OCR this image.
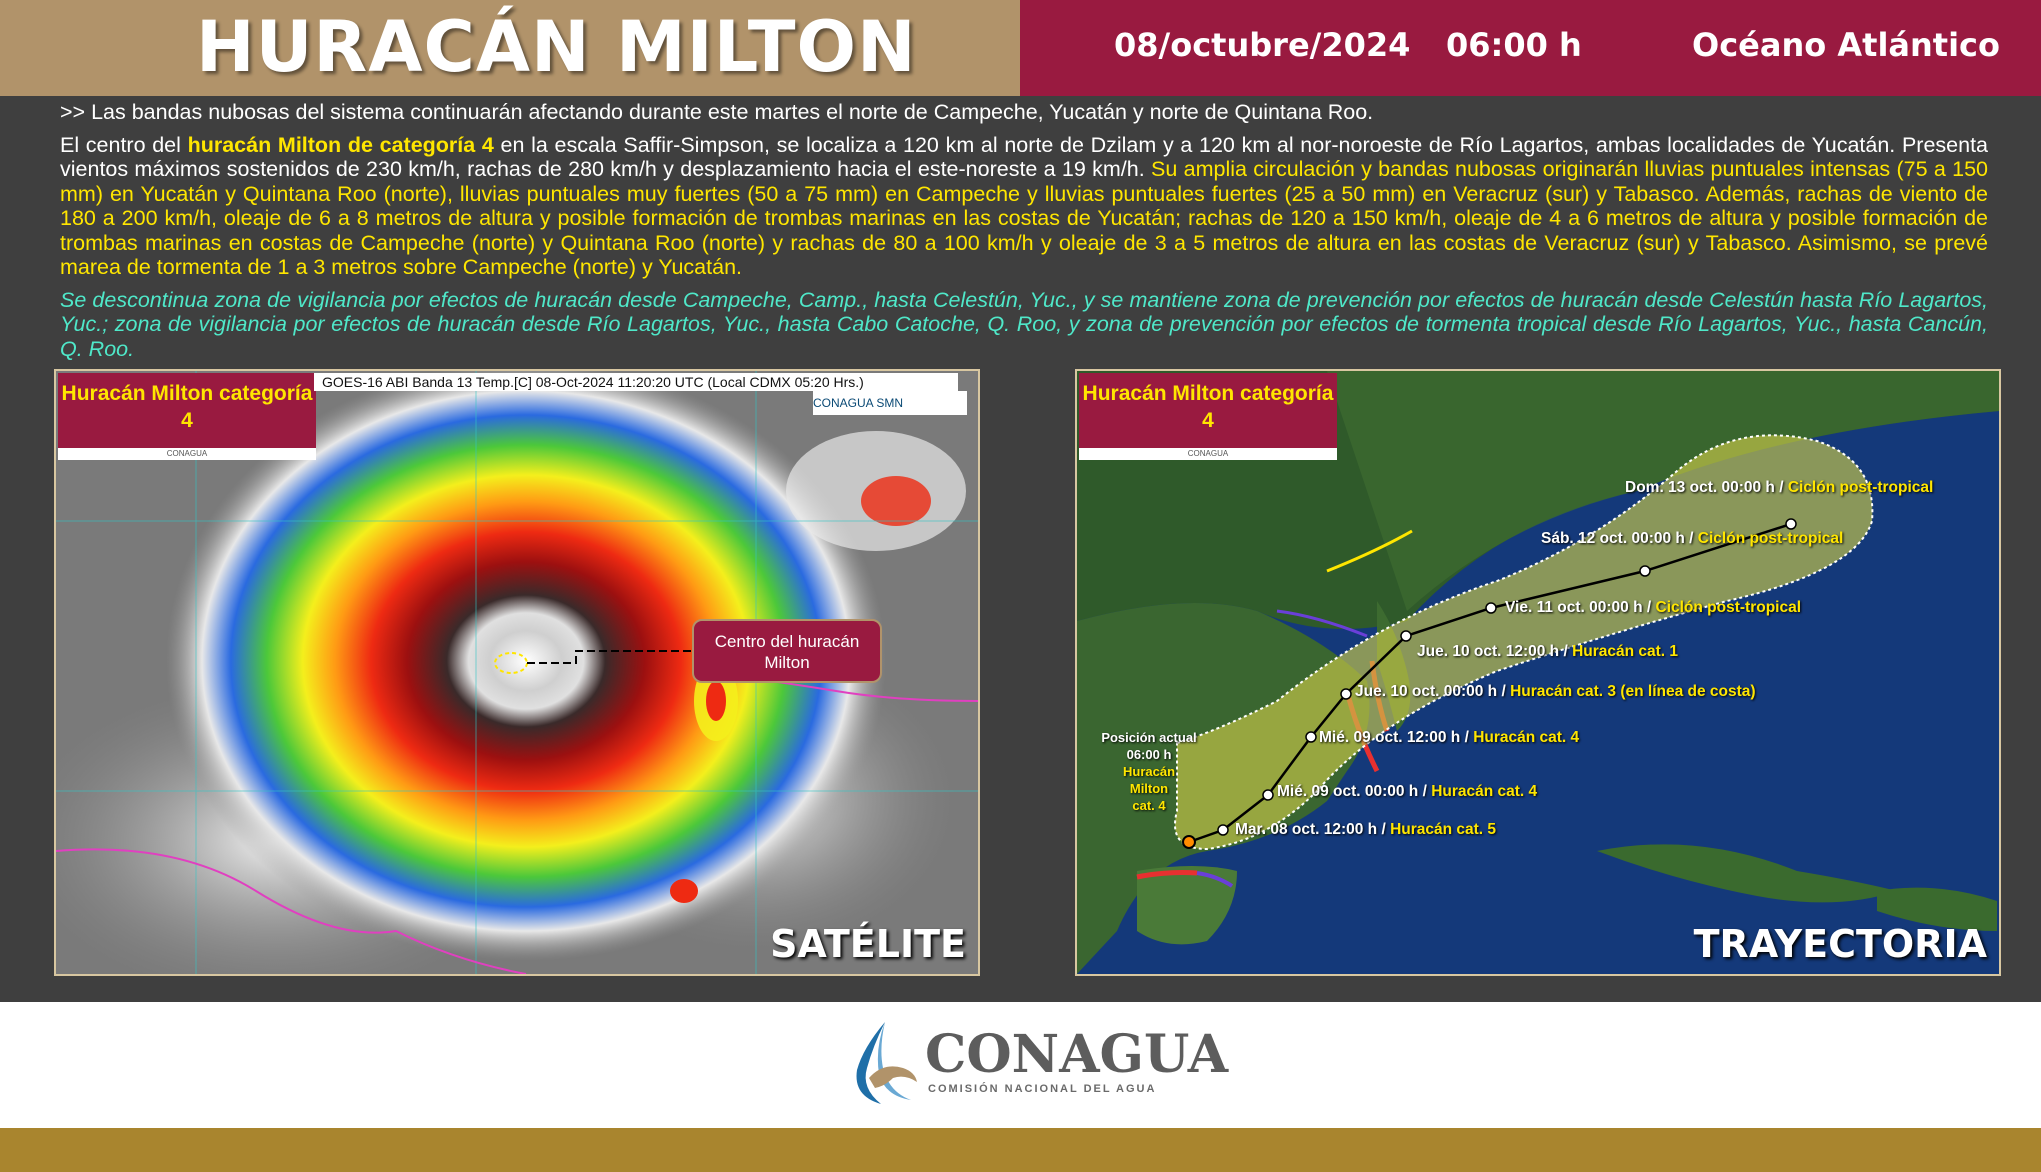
HURACÁN MILTON	08/octubre/2024 06:00 h	Océano Atlántico

>> Las bandas nubosas del sistema continuarán afectando durante este martes el norte de Campeche, Yucatán y norte de Quintana Roo.

El centro del huracán Milton de categoría 4 en la escala Saffir-Simpson, se localiza a 120 km al norte de Dzilam y a 120 km al nor-noroeste de Río Lagartos, ambas localidades de Yucatán. Presenta vientos máximos sostenidos de 230 km/h, rachas de 280 km/h y desplazamiento hacia el este-noreste a 19 km/h. Su amplia circulación y bandas nubosas originarán lluvias puntuales intensas (75 a 150 mm) en Yucatán y Quintana Roo (norte), lluvias puntuales muy fuertes (50 a 75 mm) en Campeche y lluvias puntuales fuertes (25 a 50 mm) en Veracruz (sur) y Tabasco. Además, rachas de viento de 180 a 200 km/h, oleaje de 6 a 8 metros de altura y posible formación de trombas marinas en las costas de Yucatán; rachas de 120 a 150 km/h, oleaje de 4 a 6 metros de altura y posible formación de trombas marinas en costas de Campeche (norte) y Quintana Roo (norte) y rachas de 80 a 100 km/h y oleaje de 3 a 5 metros de altura en las costas de Veracruz (sur) y Tabasco. Asimismo, se prevé marea de tormenta de 1 a 3 metros sobre Campeche (norte) y Yucatán.

Se descontinua zona de vigilancia por efectos de huracán desde Campeche, Camp., hasta Celestún, Yuc., y se mantiene zona de prevención por efectos de huracán desde Celestún hasta Río Lagartos, Yuc.; zona de vigilancia por efectos de huracán desde Río Lagartos, Yuc., hasta Cabo Catoche, Q. Roo, y zona de prevención por efectos de tormenta tropical desde Río Lagartos, Yuc., hasta Cancún, Q. Roo.

Huracán Milton categoría 4
CONAGUA
GOES-16 ABI Banda 13 Temp.[C] 08-Oct-2024 11:20:20 UTC (Local CDMX 05:20 Hrs.)
CONAGUA SMN
Centro del huracán Milton
SATÉLITE
Huracán Milton categoría 4
CONAGUA
Dom. 13 oct. 00:00 h / Ciclón post-tropical
Sáb. 12 oct. 00:00 h / Ciclón post-tropical
Vie. 11 oct. 00:00 h / Ciclón post-tropical
Jue. 10 oct. 12:00 h / Huracán cat. 1
Jue. 10 oct. 00:00 h / Huracán cat. 3 (en línea de costa)
Mié. 09 oct. 12:00 h / Huracán cat. 4
Mié. 09 oct. 00:00 h / Huracán cat. 4
Mar. 08 oct. 12:00 h / Huracán cat. 5
Posición actual
06:00 h
Huracán
Milton
cat. 4
TRAYECTORIA
CONAGUA
COMISIÓN NACIONAL DEL AGUA
